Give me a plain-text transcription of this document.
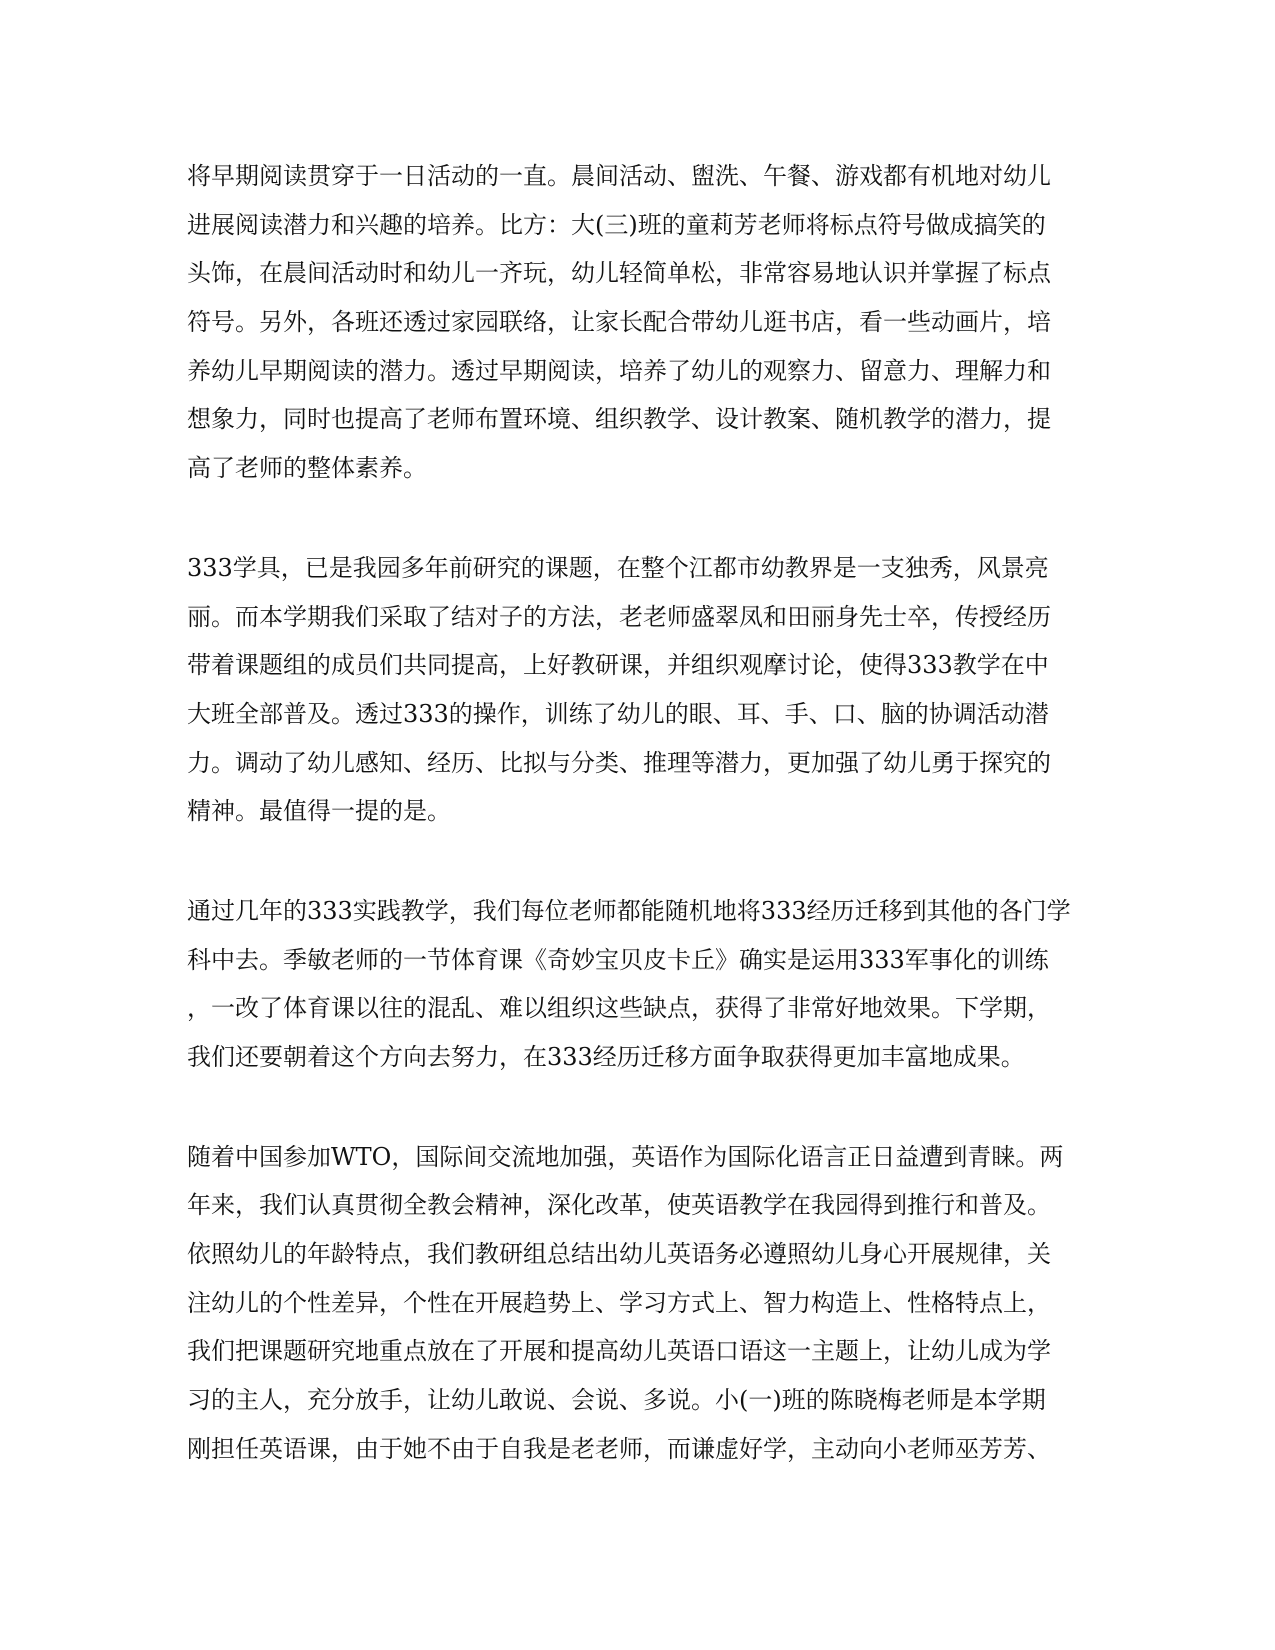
将早期阅读贯穿于一日活动的一直。晨间活动、盥洗、午餐、游戏都有机地对幼儿
进展阅读潜力和兴趣的培养。比方：大(三)班的童莉芳老师将标点符号做成搞笑的
头饰，在晨间活动时和幼儿一齐玩，幼儿轻简单松，非常容易地认识并掌握了标点
符号。另外，各班还透过家园联络，让家长配合带幼儿逛书店，看一些动画片，培
养幼儿早期阅读的潜力。透过早期阅读，培养了幼儿的观察力、留意力、理解力和
想象力，同时也提高了老师布置环境、组织教学、设计教案、随机教学的潜力，提
高了老师的整体素养。

333学具，已是我园多年前研究的课题，在整个江都市幼教界是一支独秀，风景亮
丽。而本学期我们采取了结对子的方法，老老师盛翠凤和田丽身先士卒，传授经历
带着课题组的成员们共同提高，上好教研课，并组织观摩讨论，使得333教学在中
大班全部普及。透过333的操作，训练了幼儿的眼、耳、手、口、脑的协调活动潜
力。调动了幼儿感知、经历、比拟与分类、推理等潜力，更加强了幼儿勇于探究的
精神。最值得一提的是。

通过几年的333实践教学，我们每位老师都能随机地将333经历迁移到其他的各门学
科中去。季敏老师的一节体育课《奇妙宝贝皮卡丘》确实是运用333军事化的训练
，一改了体育课以往的混乱、难以组织这些缺点，获得了非常好地效果。下学期，
我们还要朝着这个方向去努力，在333经历迁移方面争取获得更加丰富地成果。

随着中国参加WTO，国际间交流地加强，英语作为国际化语言正日益遭到青睐。两
年来，我们认真贯彻全教会精神，深化改革，使英语教学在我园得到推行和普及。
依照幼儿的年龄特点，我们教研组总结出幼儿英语务必遵照幼儿身心开展规律，关
注幼儿的个性差异，个性在开展趋势上、学习方式上、智力构造上、性格特点上，
我们把课题研究地重点放在了开展和提高幼儿英语口语这一主题上，让幼儿成为学
习的主人，充分放手，让幼儿敢说、会说、多说。小(一)班的陈晓梅老师是本学期
刚担任英语课，由于她不由于自我是老老师，而谦虚好学，主动向小老师巫芳芳、
